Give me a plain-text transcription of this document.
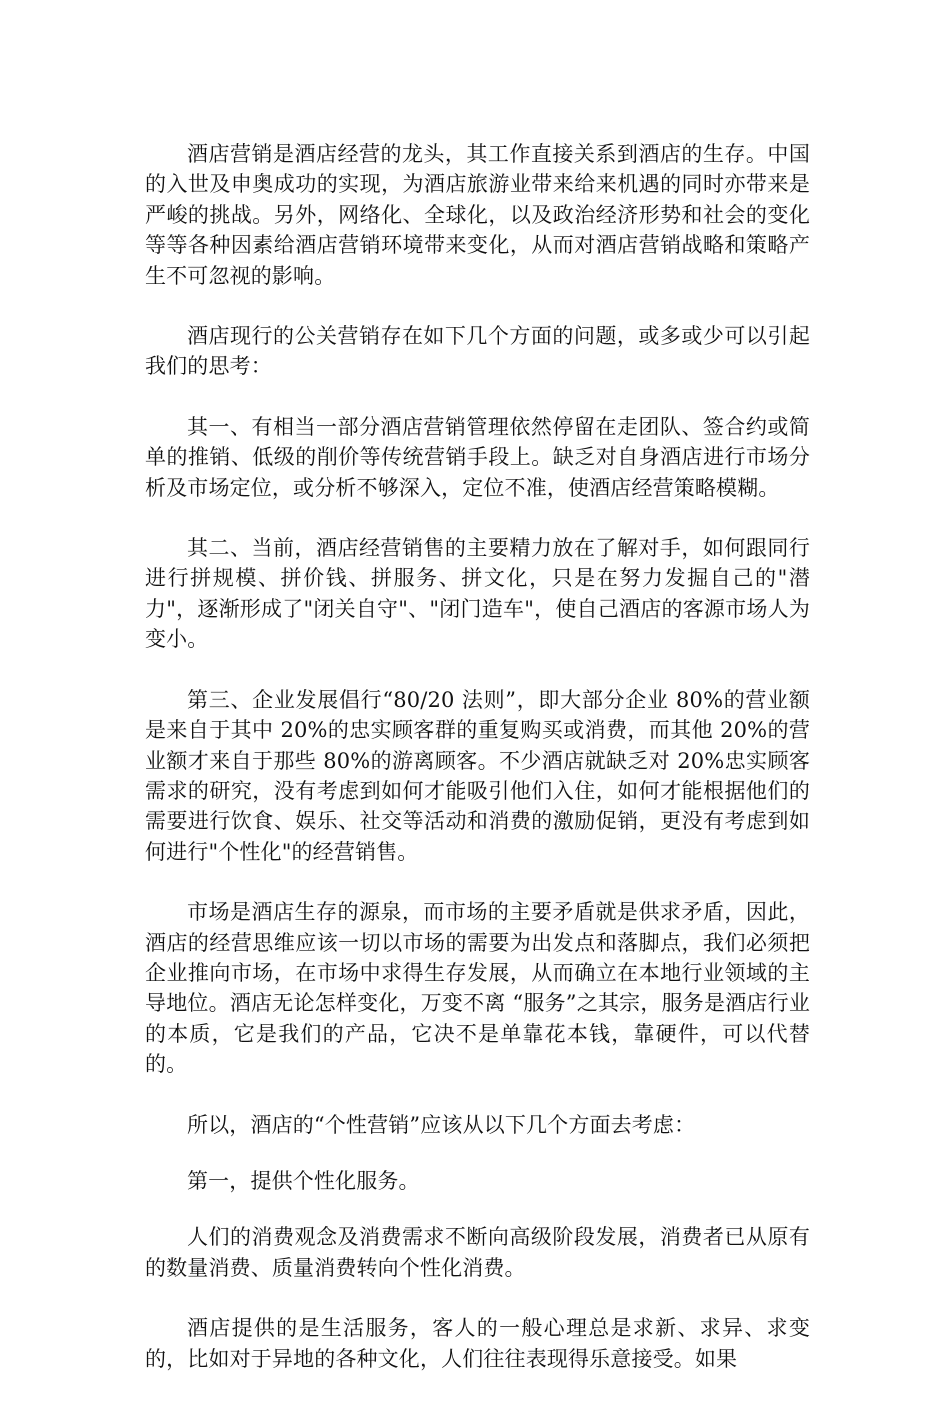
酒店营销是酒店经营的龙头，其工作直接关系到酒店的生存。中国的入世及申奥成功的实现，为酒店旅游业带来给来机遇的同时亦带来是严峻的挑战。另外，网络化、全球化，以及政治经济形势和社会的变化等等各种因素给酒店营销环境带来变化，从而对酒店营销战略和策略产生不可忽视的影响。

酒店现行的公关营销存在如下几个方面的问题，或多或少可以引起我们的思考：

其一、有相当一部分酒店营销管理依然停留在走团队、签合约或简单的推销、低级的削价等传统营销手段上。缺乏对自身酒店进行市场分析及市场定位，或分析不够深入，定位不准，使酒店经营策略模糊。

其二、当前，酒店经营销售的主要精力放在了解对手，如何跟同行进行拼规模、拼价钱、拼服务、拼文化，只是在努力发掘自己的"潜力"，逐渐形成了"闭关自守"、"闭门造车"，使自己酒店的客源市场人为变小。

第三、企业发展倡行“80/20 法则”，即大部分企业 80%的营业额是来自于其中 20%的忠实顾客群的重复购买或消费，而其他 20%的营业额才来自于那些 80%的游离顾客。不少酒店就缺乏对 20%忠实顾客需求的研究，没有考虑到如何才能吸引他们入住，如何才能根据他们的需要进行饮食、娱乐、社交等活动和消费的激励促销，更没有考虑到如何进行"个性化"的经营销售。

市场是酒店生存的源泉，而市场的主要矛盾就是供求矛盾，因此，酒店的经营思维应该一切以市场的需要为出发点和落脚点，我们必须把企业推向市场，在市场中求得生存发展，从而确立在本地行业领域的主导地位。酒店无论怎样变化，万变不离 “服务”之其宗，服务是酒店行业的本质，它是我们的产品，它决不是单靠花本钱，靠硬件，可以代替的。

所以，酒店的“个性营销”应该从以下几个方面去考虑：

第一，提供个性化服务。

人们的消费观念及消费需求不断向高级阶段发展，消费者已从原有的数量消费、质量消费转向个性化消费。

酒店提供的是生活服务，客人的一般心理总是求新、求异、求变的，比如对于异地的各种文化，人们往往表现得乐意接受。如果
